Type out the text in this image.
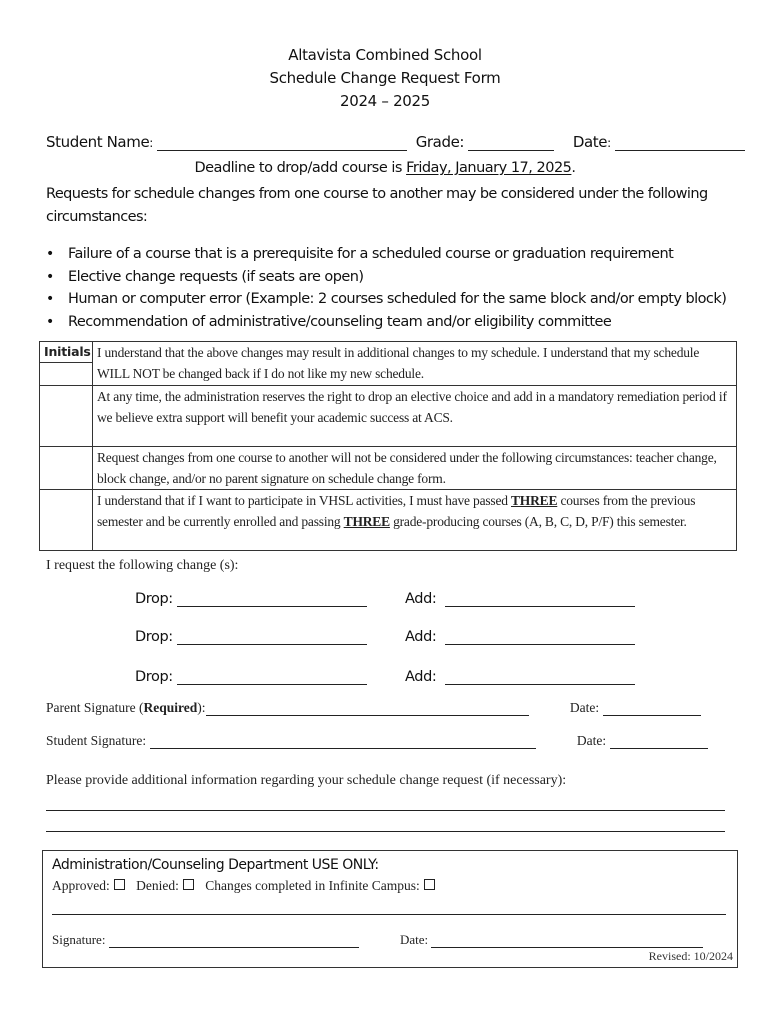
Altavista Combined School
Schedule Change Request Form
2024 – 2025
Student Name:	Grade:	Date:
Deadline to drop/add course is Friday, January 17, 2025.
Requests for schedule changes from one course to another may be considered under the following circumstances:
• Failure of a course that is a prerequisite for a scheduled course or graduation requirement
• Elective change requests (if seats are open)
• Human or computer error (Example: 2 courses scheduled for the same block and/or empty block)
• Recommendation of administrative/counseling team and/or eligibility committee
Initials	I understand that the above changes may result in additional changes to my schedule. I understand that my schedule WILL NOT be changed back if I do not like my new schedule.
	At any time, the administration reserves the right to drop an elective choice and add in a mandatory remediation period if we believe extra support will benefit your academic success at ACS.
	Request changes from one course to another will not be considered under the following circumstances: teacher change, block change, and/or no parent signature on schedule change form.
	I understand that if I want to participate in VHSL activities, I must have passed THREE courses from the previous semester and be currently enrolled and passing THREE grade-producing courses (A, B, C, D, P/F) this semester.
I request the following change (s):
Drop:	Add:
Drop:	Add:
Drop:	Add:
Parent Signature (Required):	Date:
Student Signature:	Date:
Please provide additional information regarding your schedule change request (if necessary):
Administration/Counseling Department USE ONLY:
Approved: Denied: Changes completed in Infinite Campus:
Signature:	Date:
Revised: 10/2024
